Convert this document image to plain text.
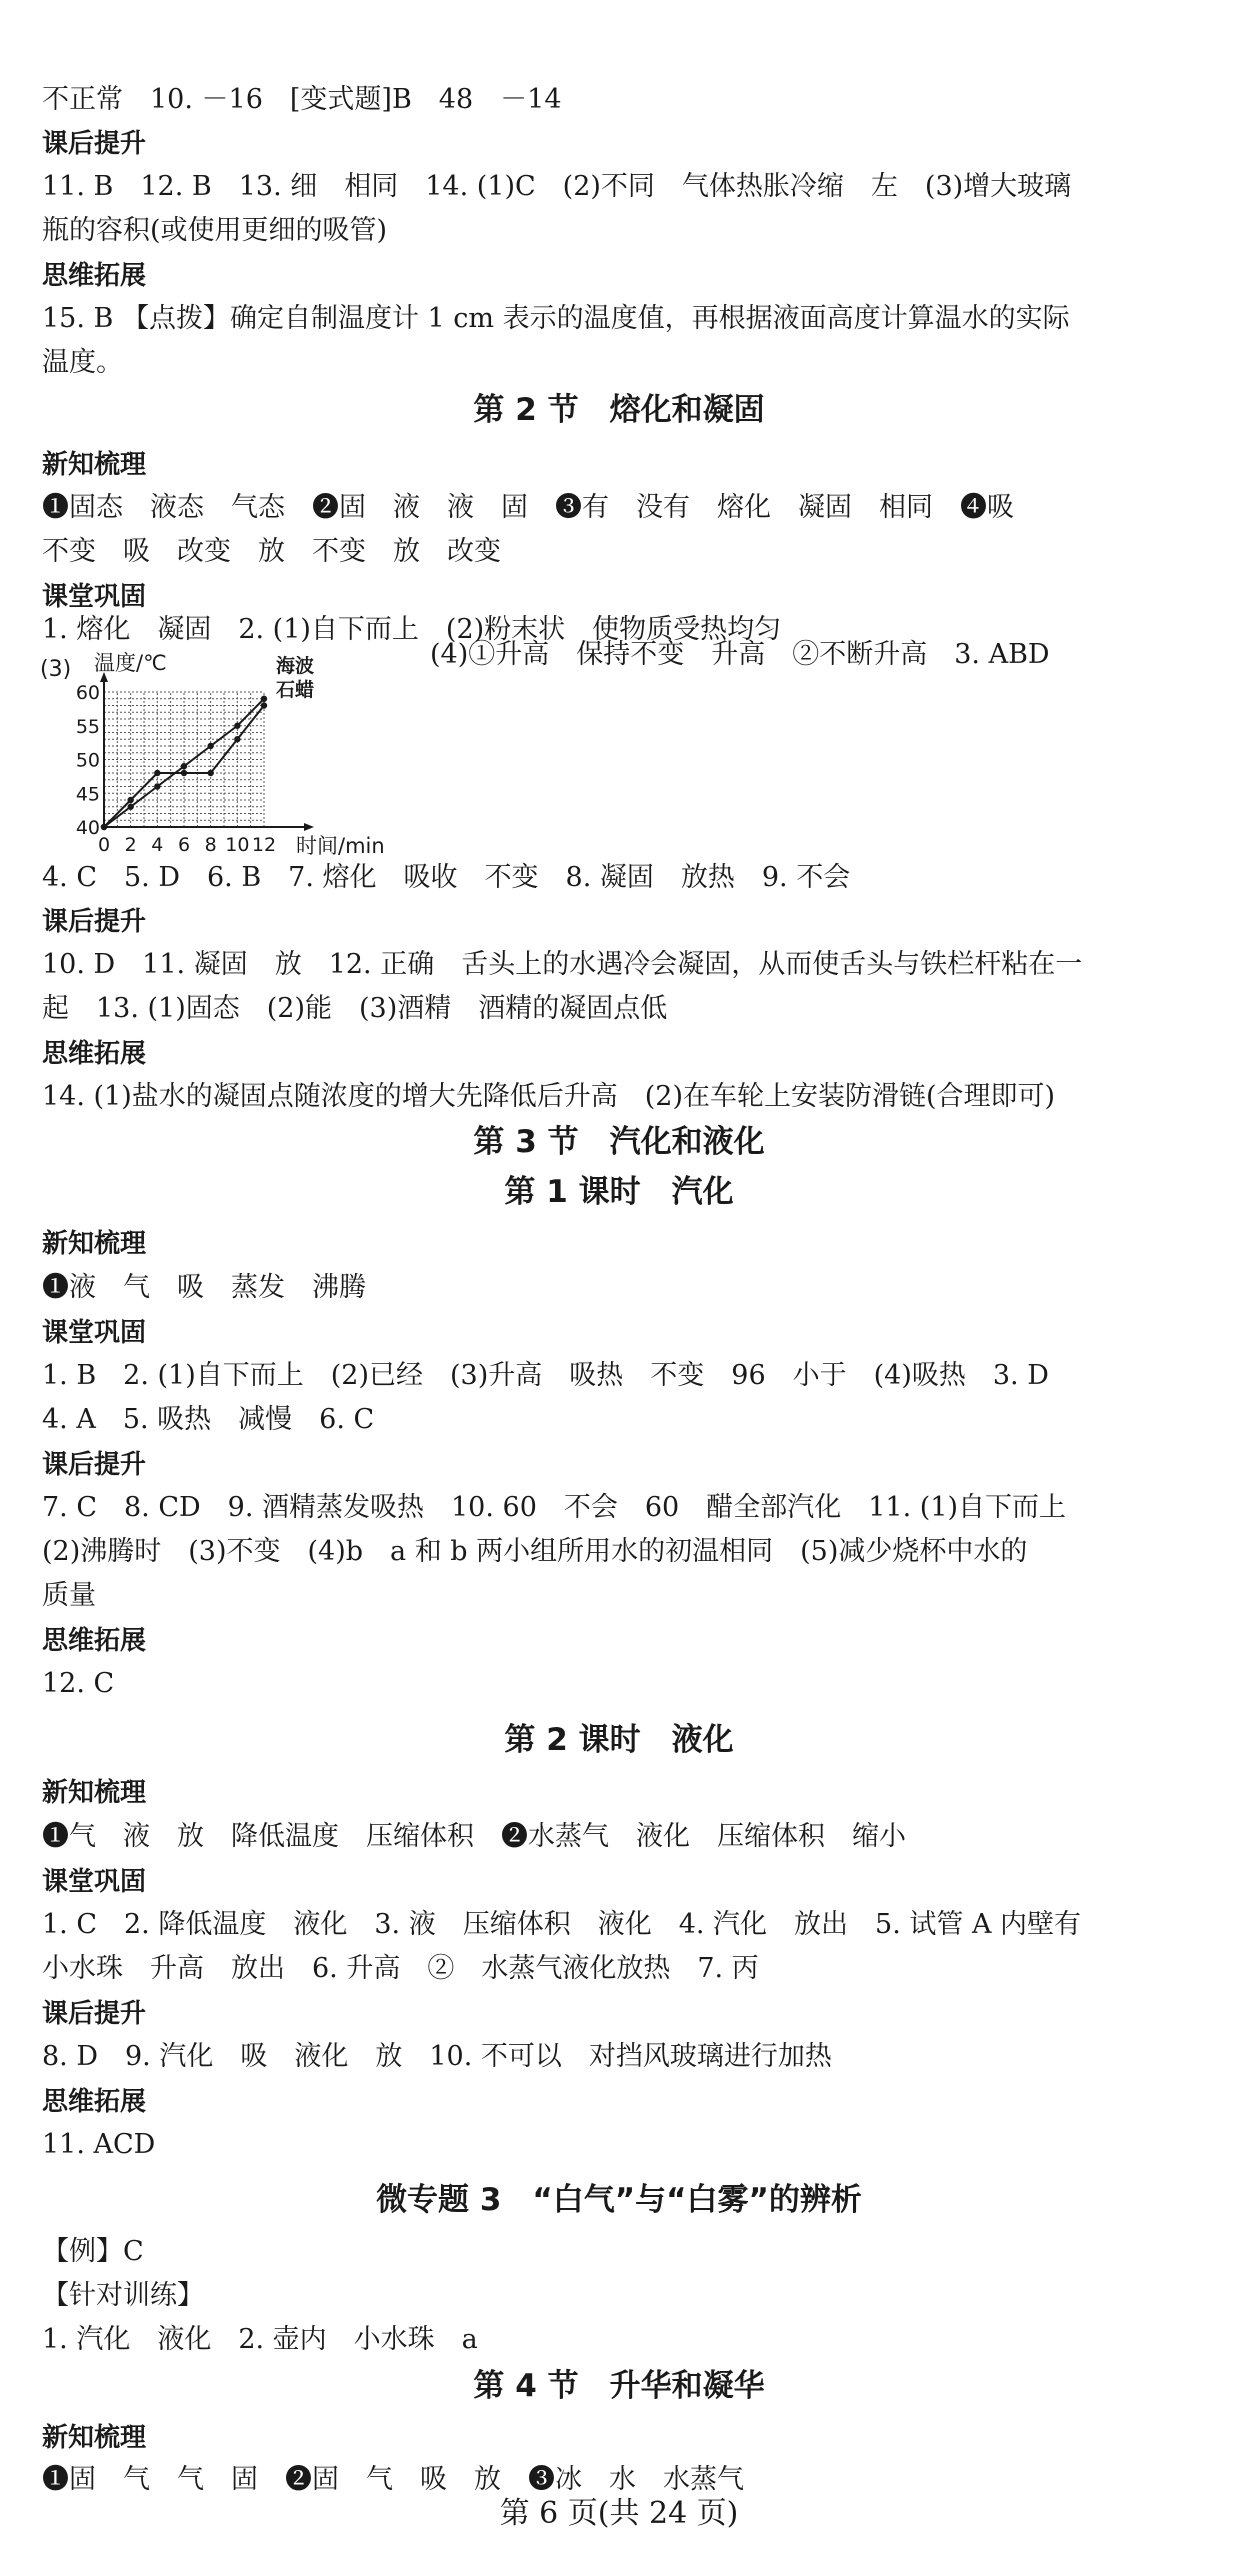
不正常　10. －16　[变式题]B　48　－14
课后提升
11. B　12. B　13. 细　相同　14. (1)C　(2)不同　气体热胀冷缩　左　(3)增大玻璃
瓶的容积(或使用更细的吸管)
思维拓展
15. B 【点拨】确定自制温度计 1 cm 表示的温度值，再根据液面高度计算温水的实际
温度。
第 2 节　熔化和凝固
新知梳理
❶固态　液态　气态　❷固　液　液　固　❸有　没有　熔化　凝固　相同　❹吸
不变　吸　改变　放　不变　放　改变
课堂巩固
1. 熔化　凝固　2. (1)自下而上　(2)粉末状　使物质受热均匀
(3)
0 2 4 6 8 10 12
40
45
50
55
60
温度/℃
时间/min
海波
石蜡
(4)①升高　保持不变　升高　②不断升高　3. ABD
4. C　5. D　6. B　7. 熔化　吸收　不变　8. 凝固　放热　9. 不会
课后提升
10. D　11. 凝固　放　12. 正确　舌头上的水遇冷会凝固，从而使舌头与铁栏杆粘在一
起　13. (1)固态　(2)能　(3)酒精　酒精的凝固点低
思维拓展
14. (1)盐水的凝固点随浓度的增大先降低后升高　(2)在车轮上安装防滑链(合理即可)
第 3 节　汽化和液化
第 1 课时　汽化
新知梳理
❶液　气　吸　蒸发　沸腾
课堂巩固
1. B　2. (1)自下而上　(2)已经　(3)升高　吸热　不变　96　小于　(4)吸热　3. D
4. A　5. 吸热　减慢　6. C
课后提升
7. C　8. CD　9. 酒精蒸发吸热　10. 60　不会　60　醋全部汽化　11. (1)自下而上
(2)沸腾时　(3)不变　(4)b　a 和 b 两小组所用水的初温相同　(5)减少烧杯中水的
质量
思维拓展
12. C
第 2 课时　液化
新知梳理
❶气　液　放　降低温度　压缩体积　❷水蒸气　液化　压缩体积　缩小
课堂巩固
1. C　2. 降低温度　液化　3. 液　压缩体积　液化　4. 汽化　放出　5. 试管 A 内壁有
小水珠　升高　放出　6. 升高　②　水蒸气液化放热　7. 丙
课后提升
8. D　9. 汽化　吸　液化　放　10. 不可以　对挡风玻璃进行加热
思维拓展
11. ACD
微专题 3　“白气”与“白雾”的辨析
【例】C
【针对训练】
1. 汽化　液化　2. 壶内　小水珠　a
第 4 节　升华和凝华
新知梳理
❶固　气　气　固　❷固　气　吸　放　❸冰　水　水蒸气
第 6 页(共 24 页)
